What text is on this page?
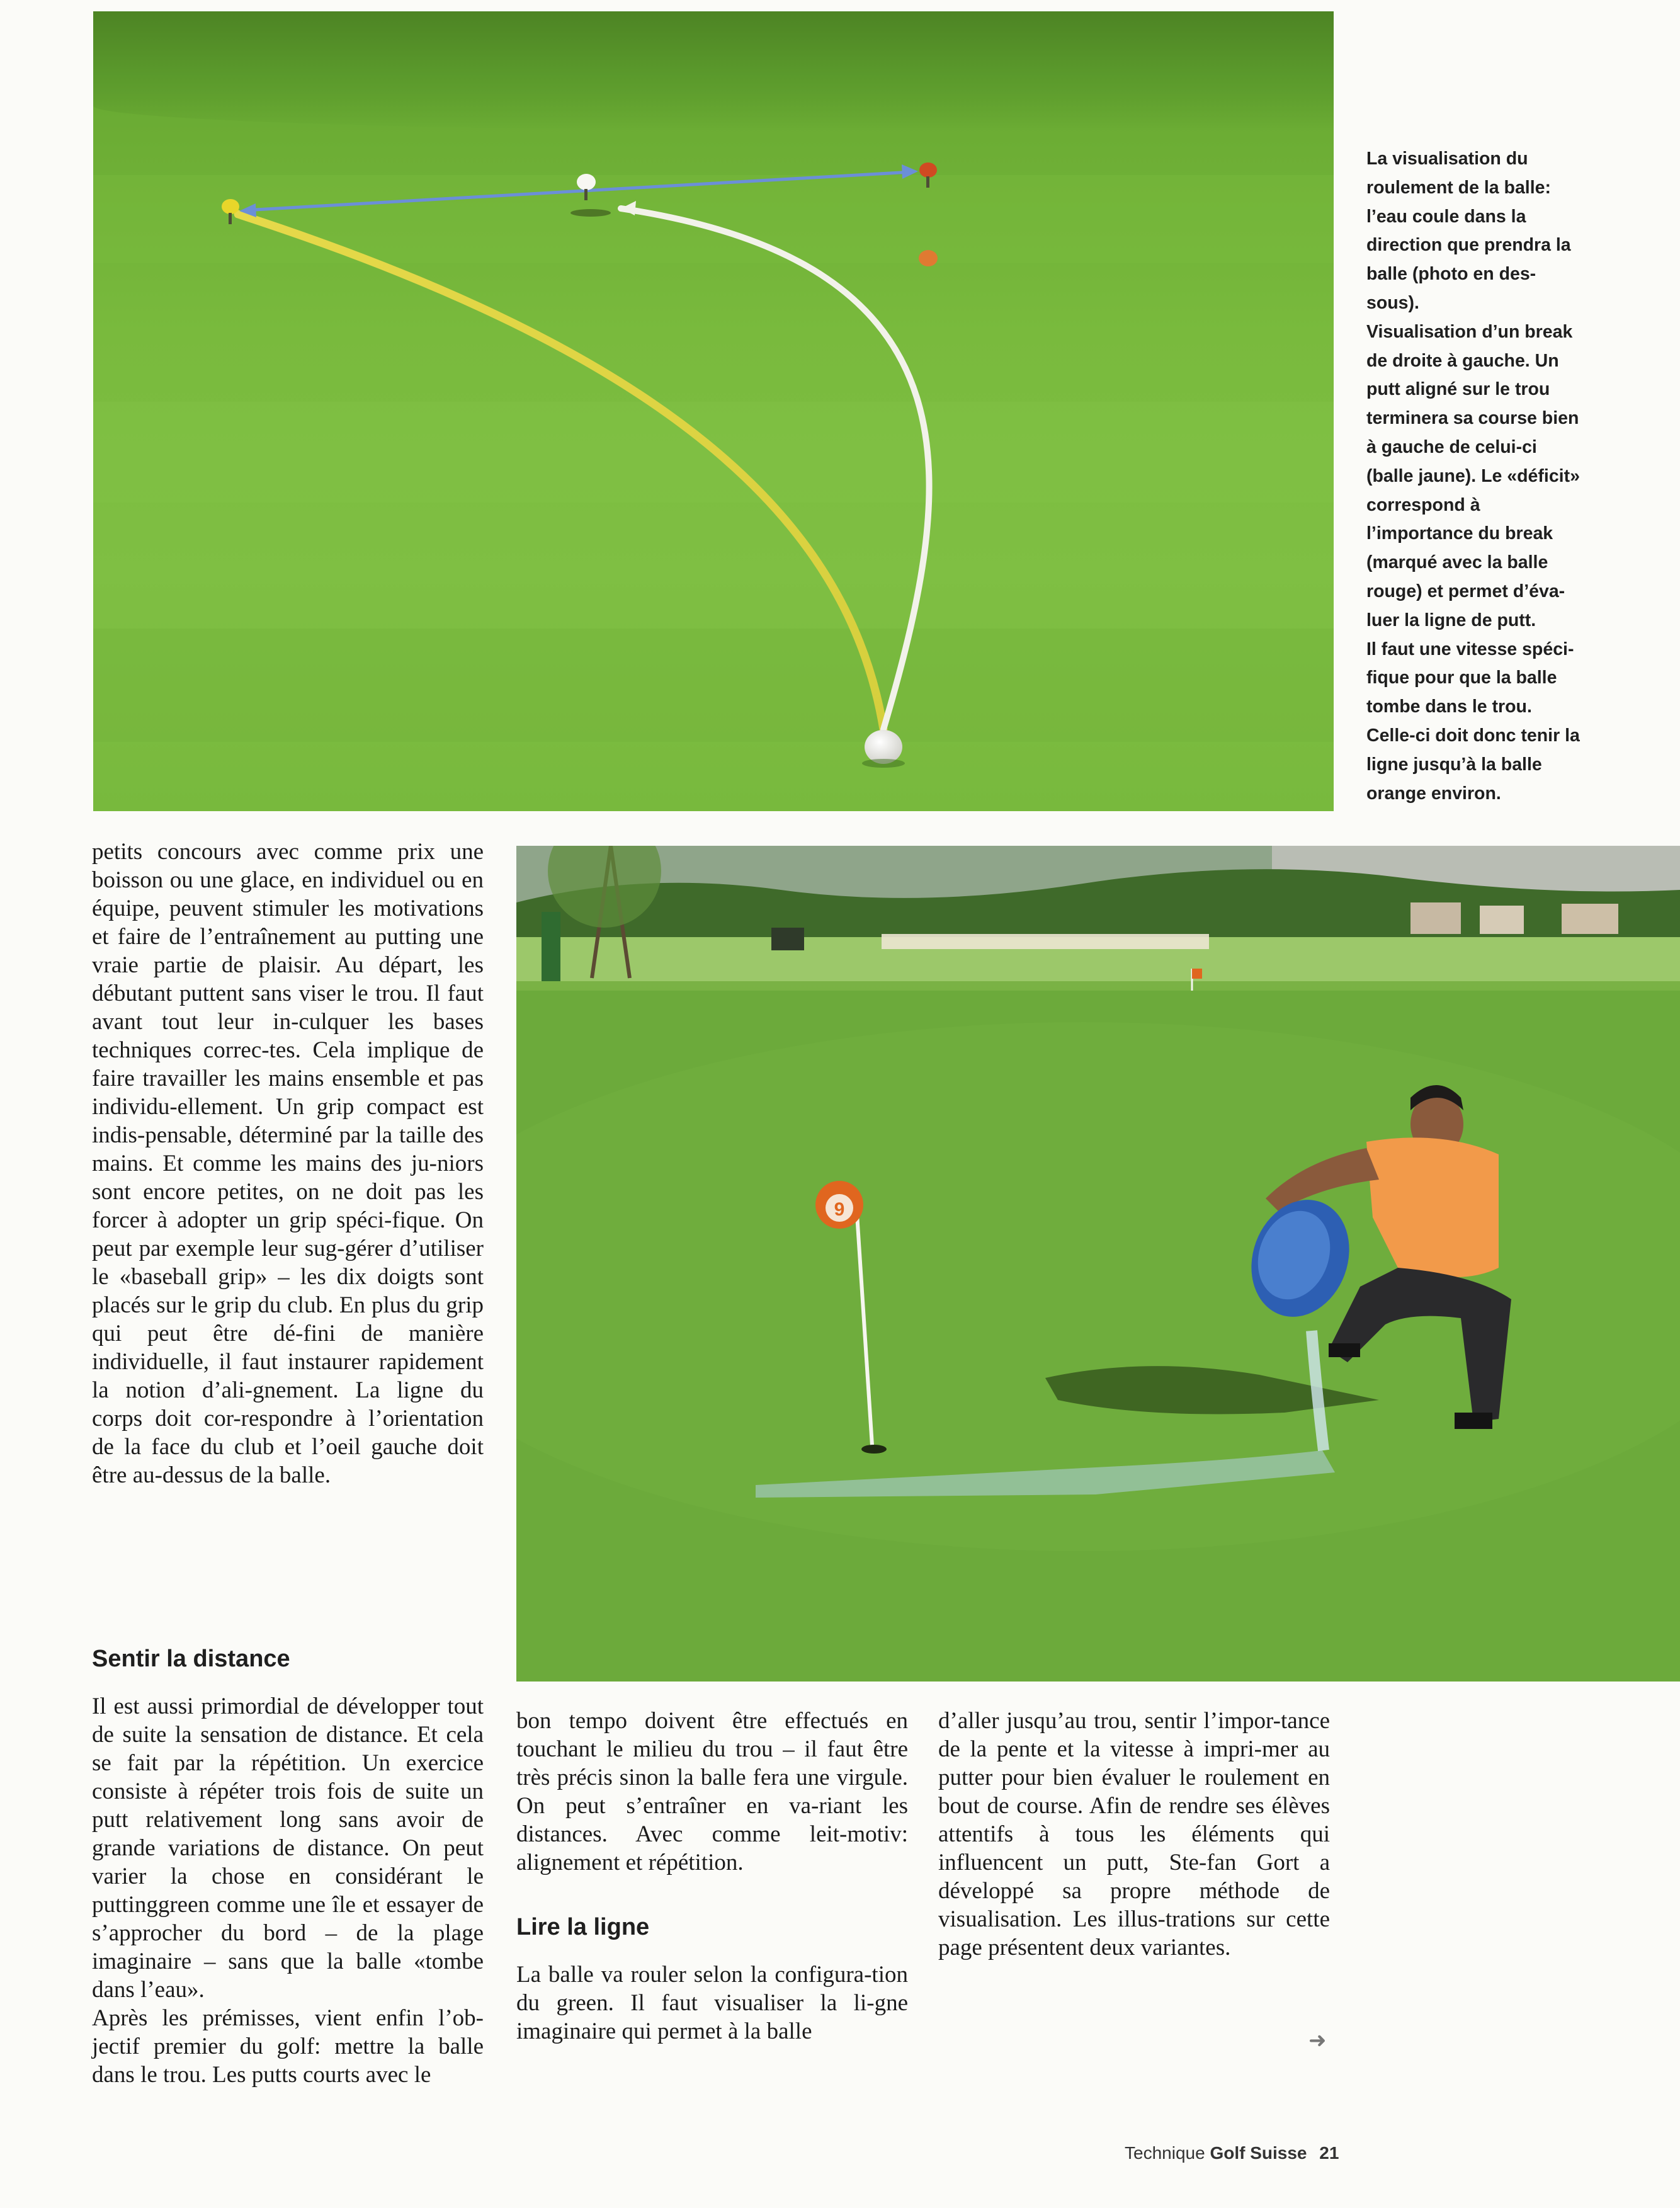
La visualisation du roulement de la balle: l’eau coule dans la direction que prendra la balle (photo en des-sous).

Visualisation d’un break de droite à gauche. Un putt aligné sur le trou terminera sa course bien à gauche de celui-ci (balle jaune). Le «déficit» correspond à l’importance du break (marqué avec la balle rouge) et permet d’éva-luer la ligne de putt.

Il faut une vitesse spéci-fique pour que la balle tombe dans le trou. Celle-ci doit donc tenir la ligne jusqu’à la balle orange environ.

9

petits concours avec comme prix une boisson ou une glace, en individuel ou en équipe, peuvent stimuler les motivations et faire de l’entraînement au putting une vraie partie de plaisir. Au départ, les débutant puttent sans viser le trou. Il faut avant tout leur in-culquer les bases techniques correc-tes. Cela implique de faire travailler les mains ensemble et pas individu-ellement. Un grip compact est indis-pensable, déterminé par la taille des mains. Et comme les mains des ju-niors sont encore petites, on ne doit pas les forcer à adopter un grip spéci-fique. On peut par exemple leur sug-gérer d’utiliser le «baseball grip» – les dix doigts sont placés sur le grip du club. En plus du grip qui peut être dé-fini de manière individuelle, il faut instaurer rapidement la notion d’ali-gnement. La ligne du corps doit cor-respondre à l’orientation de la face du club et l’oeil gauche doit être au-dessus de la balle.

Sentir la distance

Il est aussi primordial de développer tout de suite la sensation de distance. Et cela se fait par la répétition. Un exercice consiste à répéter trois fois de suite un putt relativement long sans avoir de grande variations de distance. On peut varier la chose en considérant le puttinggreen comme une île et essayer de s’approcher du bord – de la plage imaginaire – sans que la balle «tombe dans l’eau».

Après les prémisses, vient enfin l’ob-jectif premier du golf: mettre la balle dans le trou. Les putts courts avec le

bon tempo doivent être effectués en touchant le milieu du trou – il faut être très précis sinon la balle fera une virgule. On peut s’entraîner en va-riant les distances. Avec comme leit-motiv: alignement et répétition.

Lire la ligne

La balle va rouler selon la configura-tion du green. Il faut visualiser la li-gne imaginaire qui permet à la balle

d’aller jusqu’au trou, sentir l’impor-tance de la pente et la vitesse à impri-mer au putter pour bien évaluer le roulement en bout de course. Afin de rendre ses élèves attentifs à tous les éléments qui influencent un putt, Ste-fan Gort a développé sa propre méthode de visualisation. Les illus-trations sur cette page présentent deux variantes.

➜
Technique Golf Suisse 21
